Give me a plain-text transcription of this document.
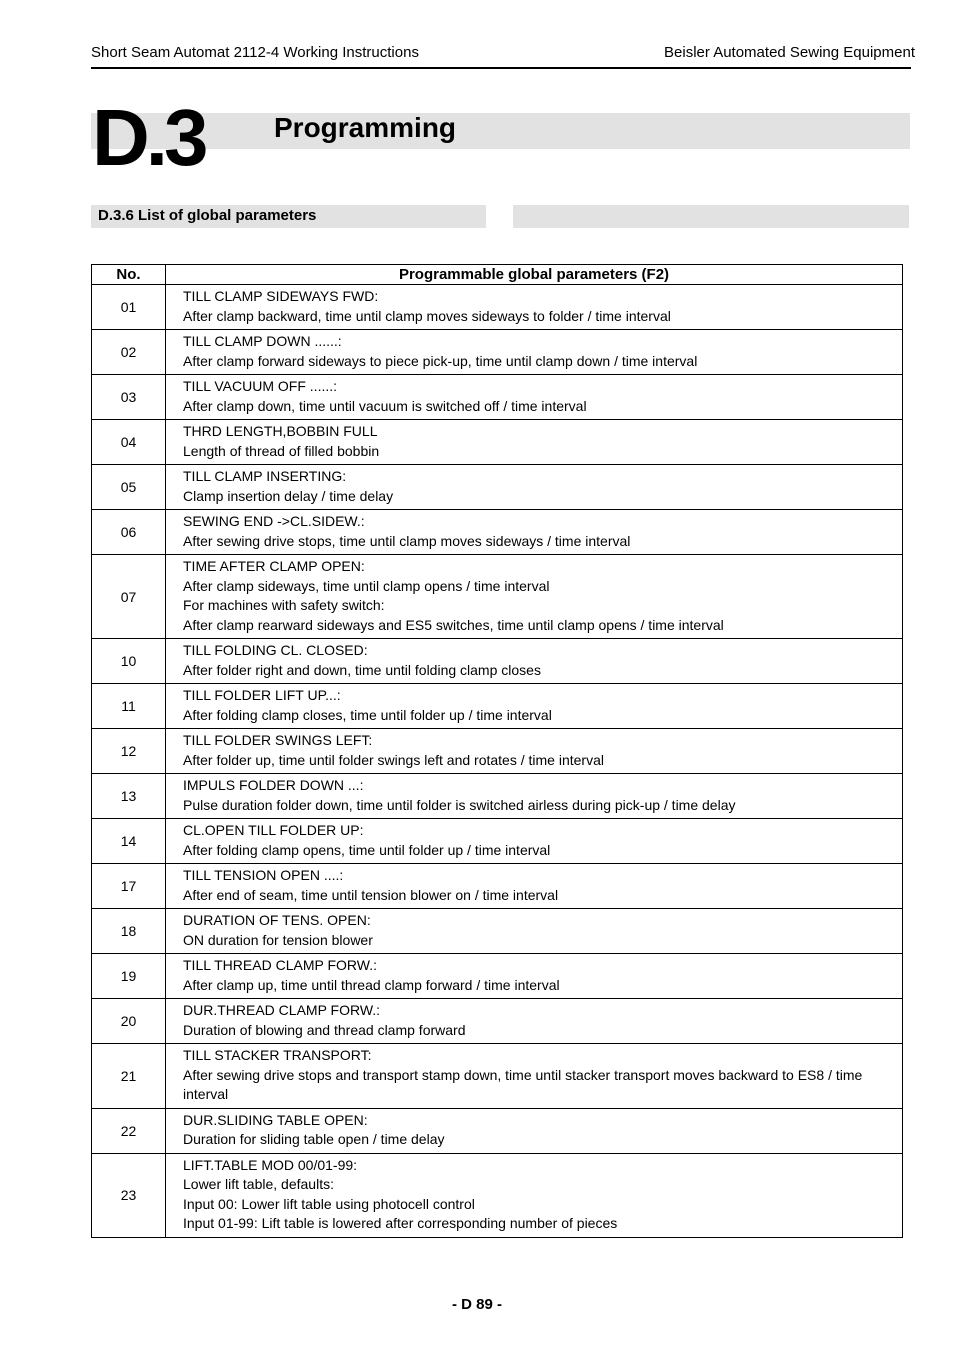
Short Seam Automat 2112-4 Working Instructions	Beisler Automated Sewing Equipment
D.3 Programming
D.3.6 List of global parameters
No.	Programmable global parameters (F2)
01	TILL CLAMP SIDEWAYS FWD:
After clamp backward, time until clamp moves sideways to folder / time interval

02	TILL CLAMP DOWN ......:
After clamp forward sideways to piece pick-up, time until clamp down / time interval

03	TILL VACUUM OFF ......:
After clamp down, time until vacuum is switched off / time interval

04	THRD LENGTH,BOBBIN FULL
Length of thread of filled bobbin

05	TILL CLAMP INSERTING:
Clamp insertion delay / time delay

06	SEWING END ->CL.SIDEW.:
After sewing drive stops, time until clamp moves sideways / time interval

07	TIME AFTER CLAMP OPEN:
After clamp sideways, time until clamp opens / time interval
For machines with safety switch:
After clamp rearward sideways and ES5 switches, time until clamp opens / time interval

10	TILL FOLDING CL. CLOSED:
After folder right and down, time until folding clamp closes

11	TILL FOLDER LIFT UP...:
After folding clamp closes, time until folder up / time interval

12	TILL FOLDER SWINGS LEFT:
After folder up, time until folder swings left and rotates / time interval

13	IMPULS FOLDER DOWN ...:
Pulse duration folder down, time until folder is switched airless during pick-up / time delay

14	CL.OPEN TILL FOLDER UP:
After folding clamp opens, time until folder up / time interval

17	TILL TENSION OPEN ....:
After end of seam, time until tension blower on / time interval

18	DURATION OF TENS. OPEN:
ON duration for tension blower

19	TILL THREAD CLAMP FORW.:
After clamp up, time until thread clamp forward / time interval

20	DUR.THREAD CLAMP FORW.:
Duration of blowing and thread clamp forward

21	TILL STACKER TRANSPORT:
After sewing drive stops and transport stamp down, time until stacker transport moves backward to ES8 / time interval

22	DUR.SLIDING TABLE OPEN:
Duration for sliding table open / time delay

23	LIFT.TABLE MOD 00/01-99:
Lower lift table, defaults:
Input 00: Lower lift table using photocell control
Input 01-99: Lift table is lowered after corresponding number of pieces
- D 89 -
